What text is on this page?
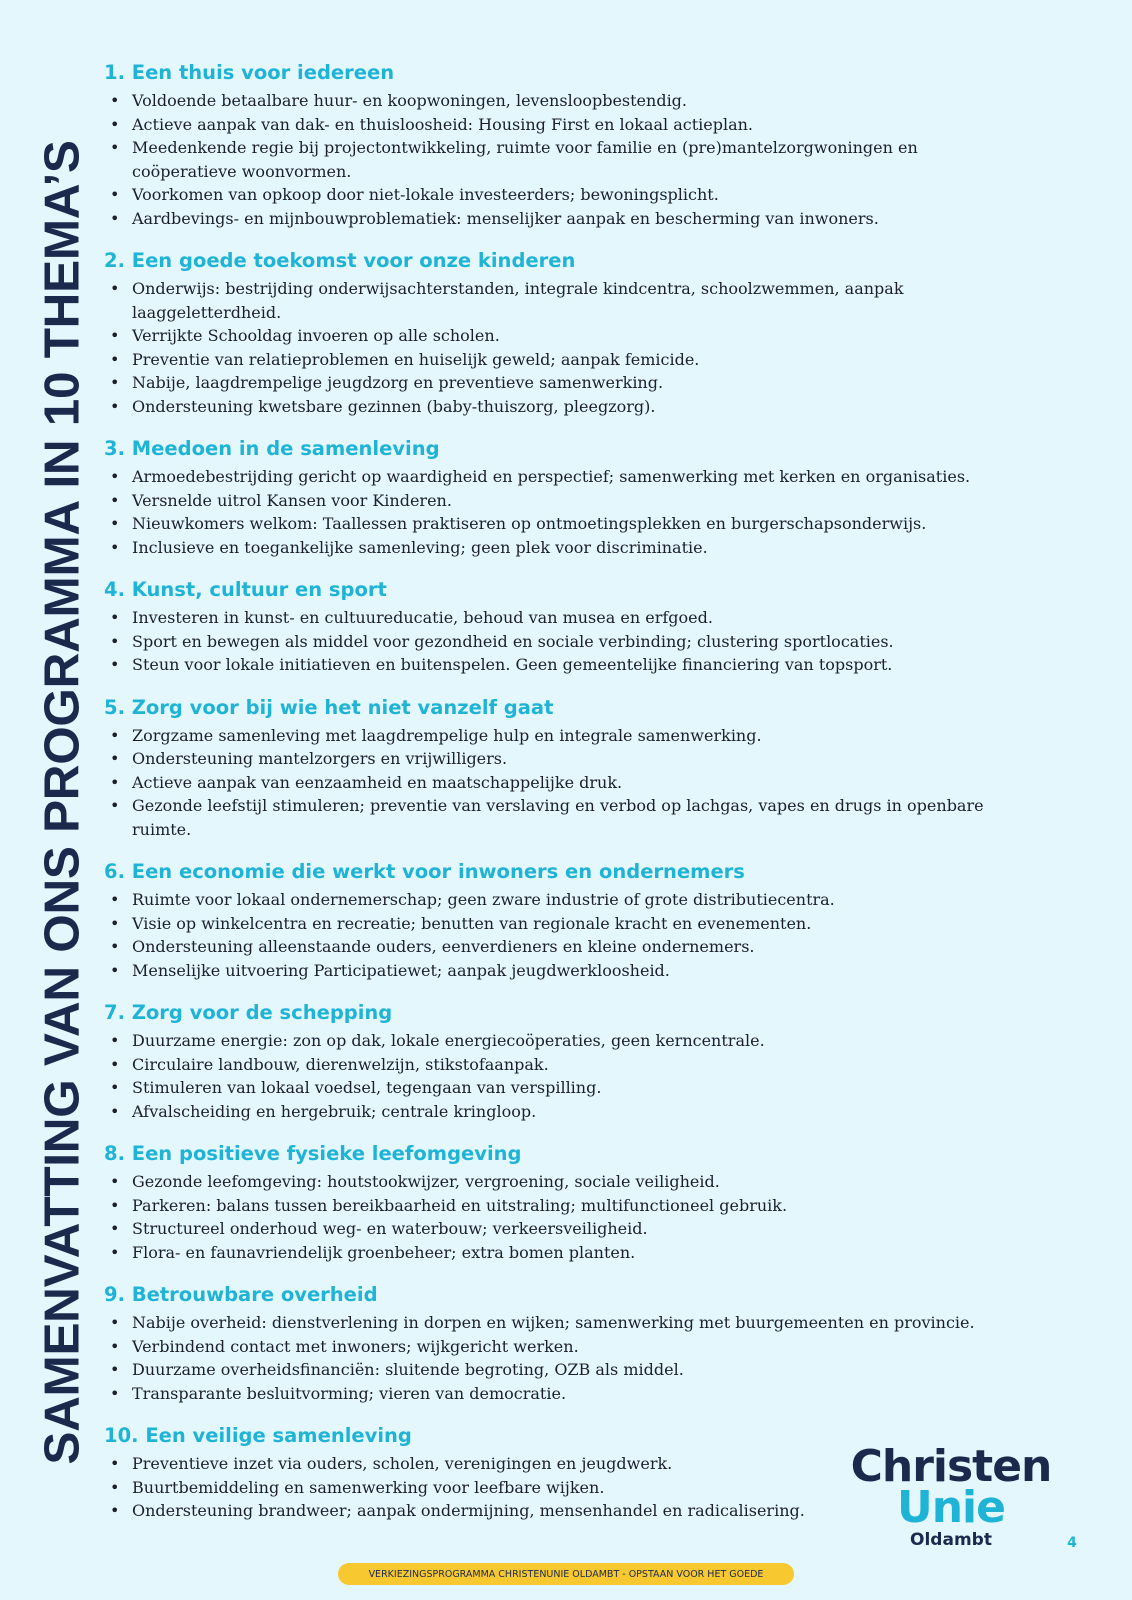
SAMENVATTING VAN ONS PROGRAMMA IN 10 THEMA’S
1. Een thuis voor iedereen
• Voldoende betaalbare huur- en koopwoningen, levensloopbestendig.
• Actieve aanpak van dak- en thuisloosheid: Housing First en lokaal actieplan.
• Meedenkende regie bij projectontwikkeling, ruimte voor familie en (pre)mantelzorgwoningen en coöperatieve woonvormen.
• Voorkomen van opkoop door niet-lokale investeerders; bewoningsplicht.
• Aardbevings- en mijnbouwproblematiek: menselijker aanpak en bescherming van inwoners.
2. Een goede toekomst voor onze kinderen
• Onderwijs: bestrijding onderwijsachterstanden, integrale kindcentra, schoolzwemmen, aanpak laaggeletterdheid.
• Verrijkte Schooldag invoeren op alle scholen.
• Preventie van relatieproblemen en huiselijk geweld; aanpak femicide.
• Nabije, laagdrempelige jeugdzorg en preventieve samenwerking.
• Ondersteuning kwetsbare gezinnen (baby-thuiszorg, pleegzorg).
3. Meedoen in de samenleving
• Armoedebestrijding gericht op waardigheid en perspectief; samenwerking met kerken en organisaties.
• Versnelde uitrol Kansen voor Kinderen.
• Nieuwkomers welkom: Taallessen praktiseren op ontmoetingsplekken en burgerschapsonderwijs.
• Inclusieve en toegankelijke samenleving; geen plek voor discriminatie.
4. Kunst, cultuur en sport
• Investeren in kunst- en cultuureducatie, behoud van musea en erfgoed.
• Sport en bewegen als middel voor gezondheid en sociale verbinding; clustering sportlocaties.
• Steun voor lokale initiatieven en buitenspelen. Geen gemeentelijke financiering van topsport.
5. Zorg voor bij wie het niet vanzelf gaat
• Zorgzame samenleving met laagdrempelige hulp en integrale samenwerking.
• Ondersteuning mantelzorgers en vrijwilligers.
• Actieve aanpak van eenzaamheid en maatschappelijke druk.
• Gezonde leefstijl stimuleren; preventie van verslaving en verbod op lachgas, vapes en drugs in openbare ruimte.
6. Een economie die werkt voor inwoners en ondernemers
• Ruimte voor lokaal ondernemerschap; geen zware industrie of grote distributiecentra.
• Visie op winkelcentra en recreatie; benutten van regionale kracht en evenementen.
• Ondersteuning alleenstaande ouders, eenverdieners en kleine ondernemers.
• Menselijke uitvoering Participatiewet; aanpak jeugdwerkloosheid.
7. Zorg voor de schepping
• Duurzame energie: zon op dak, lokale energiecoöperaties, geen kerncentrale.
• Circulaire landbouw, dierenwelzijn, stikstofaanpak.
• Stimuleren van lokaal voedsel, tegengaan van verspilling.
• Afvalscheiding en hergebruik; centrale kringloop.
8. Een positieve fysieke leefomgeving
• Gezonde leefomgeving: houtstookwijzer, vergroening, sociale veiligheid.
• Parkeren: balans tussen bereikbaarheid en uitstraling; multifunctioneel gebruik.
• Structureel onderhoud weg- en waterbouw; verkeersveiligheid.
• Flora- en faunavriendelijk groenbeheer; extra bomen planten.
9. Betrouwbare overheid
• Nabije overheid: dienstverlening in dorpen en wijken; samenwerking met buurgemeenten en provincie.
• Verbindend contact met inwoners; wijkgericht werken.
• Duurzame overheidsfinanciën: sluitende begroting, OZB als middel.
• Transparante besluitvorming; vieren van democratie.
10. Een veilige samenleving
• Preventieve inzet via ouders, scholen, verenigingen en jeugdwerk.
• Buurtbemiddeling en samenwerking voor leefbare wijken.
• Ondersteuning brandweer; aanpak ondermijning, mensenhandel en radicalisering.
Christen
Unie
Oldambt	4
VERKIEZINGSPROGRAMMA CHRISTENUNIE OLDAMBT - OPSTAAN VOOR HET GOEDE
